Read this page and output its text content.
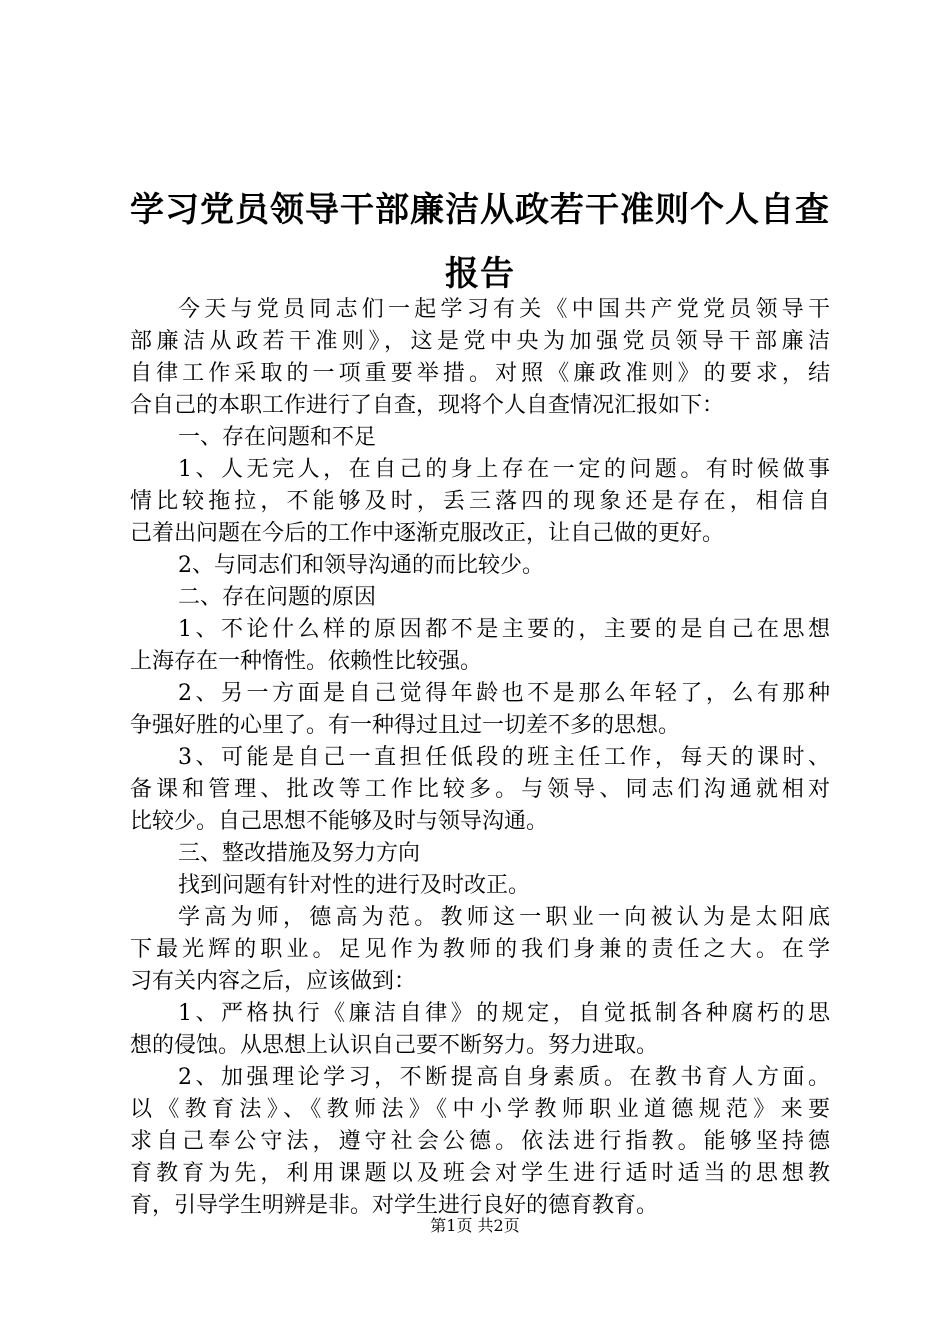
学习党员领导干部廉洁从政若干准则个人自查
报告
今天与党员同志们一起学习有关《中国共产党党员领导干
部廉洁从政若干准则》，这是党中央为加强党员领导干部廉洁
自律工作采取的一项重要举措。对照《廉政准则》的要求，结
合自己的本职工作进行了自查，现将个人自查情况汇报如下：
一、存在问题和不足
1、人无完人，在自己的身上存在一定的问题。有时候做事
情比较拖拉，不能够及时，丢三落四的现象还是存在，相信自
己着出问题在今后的工作中逐渐克服改正，让自己做的更好。
2、与同志们和领导沟通的而比较少。
二、存在问题的原因
1、不论什么样的原因都不是主要的，主要的是自己在思想
上海存在一种惰性。依赖性比较强。
2、另一方面是自己觉得年龄也不是那么年轻了，么有那种
争强好胜的心里了。有一种得过且过一切差不多的思想。
3、可能是自己一直担任低段的班主任工作，每天的课时、
备课和管理、批改等工作比较多。与领导、同志们沟通就相对
比较少。自己思想不能够及时与领导沟通。
三、整改措施及努力方向
找到问题有针对性的进行及时改正。
学高为师，德高为范。教师这一职业一向被认为是太阳底
下最光辉的职业。足见作为教师的我们身兼的责任之大。在学
习有关内容之后，应该做到：
1、严格执行《廉洁自律》的规定，自觉抵制各种腐朽的思
想的侵蚀。从思想上认识自己要不断努力。努力进取。
2、加强理论学习，不断提高自身素质。在教书育人方面。
以《教育法》、《教师法》《中小学教师职业道德规范》来要
求自己奉公守法，遵守社会公德。依法进行指教。能够坚持德
育教育为先，利用课题以及班会对学生进行适时适当的思想教
育，引导学生明辨是非。对学生进行良好的德育教育。
第1页 共2页
